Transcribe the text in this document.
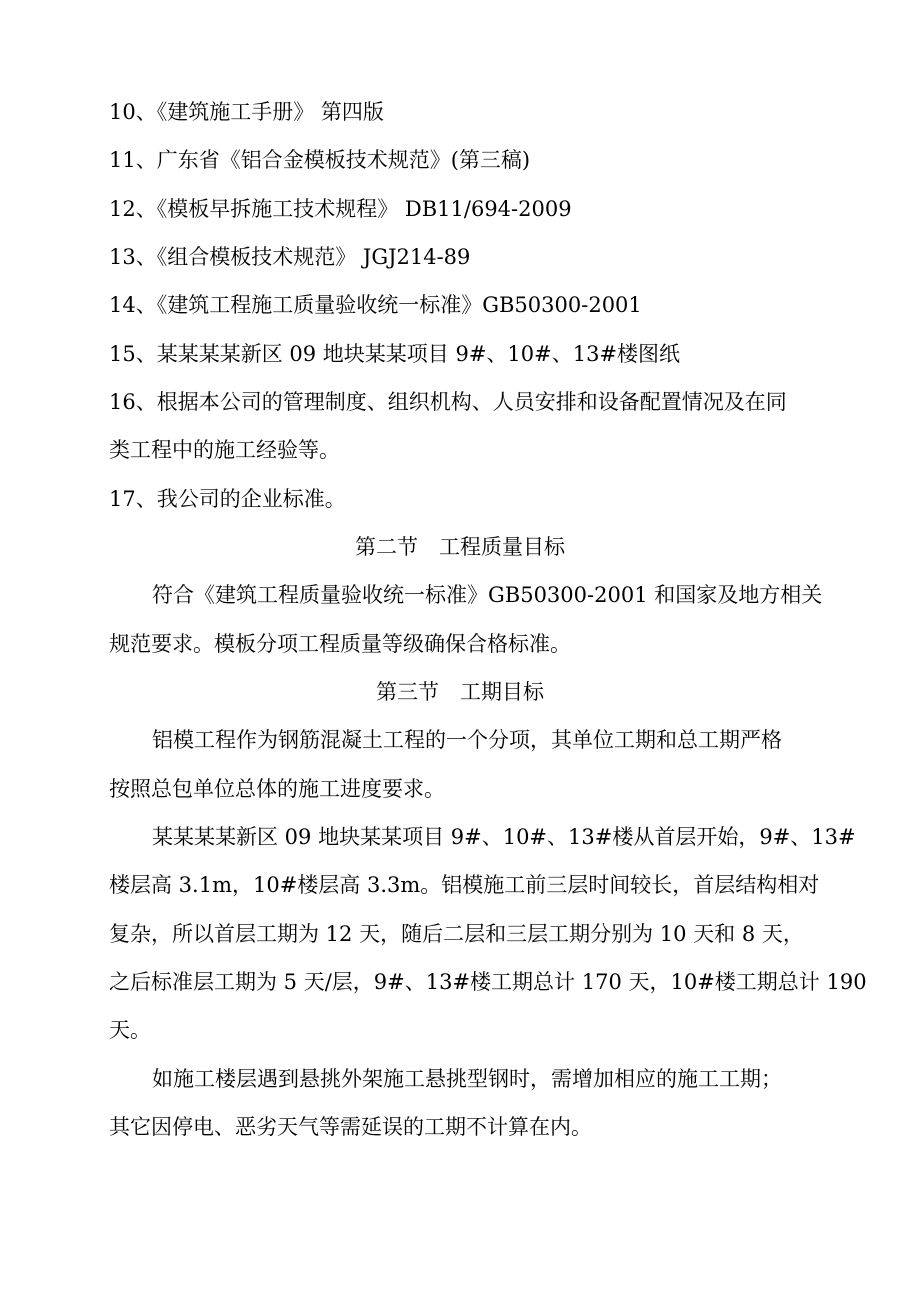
10、《建筑施工手册》 第四版
11、广东省《铝合金模板技术规范》(第三稿)
12、《模板早拆施工技术规程》 DB11/694-2009
13、《组合模板技术规范》 JGJ214-89
14、《建筑工程施工质量验收统一标准》GB50300-2001
15、某某某某新区 09 地块某某项目 9#、10#、13#楼图纸
16、根据本公司的管理制度、组织机构、人员安排和设备配置情况及在同
类工程中的施工经验等。
17、我公司的企业标准。
第二节　工程质量目标
符合《建筑工程质量验收统一标准》GB50300-2001 和国家及地方相关
规范要求。模板分项工程质量等级确保合格标准。
第三节　工期目标
铝模工程作为钢筋混凝土工程的一个分项，其单位工期和总工期严格
按照总包单位总体的施工进度要求。
某某某某新区 09 地块某某项目 9#、10#、13#楼从首层开始，9#、13#
楼层高 3.1m，10#楼层高 3.3m。铝模施工前三层时间较长，首层结构相对
复杂，所以首层工期为 12 天，随后二层和三层工期分别为 10 天和 8 天，
之后标准层工期为 5 天/层，9#、13#楼工期总计 170 天，10#楼工期总计 190
天。
如施工楼层遇到悬挑外架施工悬挑型钢时，需增加相应的施工工期；
其它因停电、恶劣天气等需延误的工期不计算在内。
